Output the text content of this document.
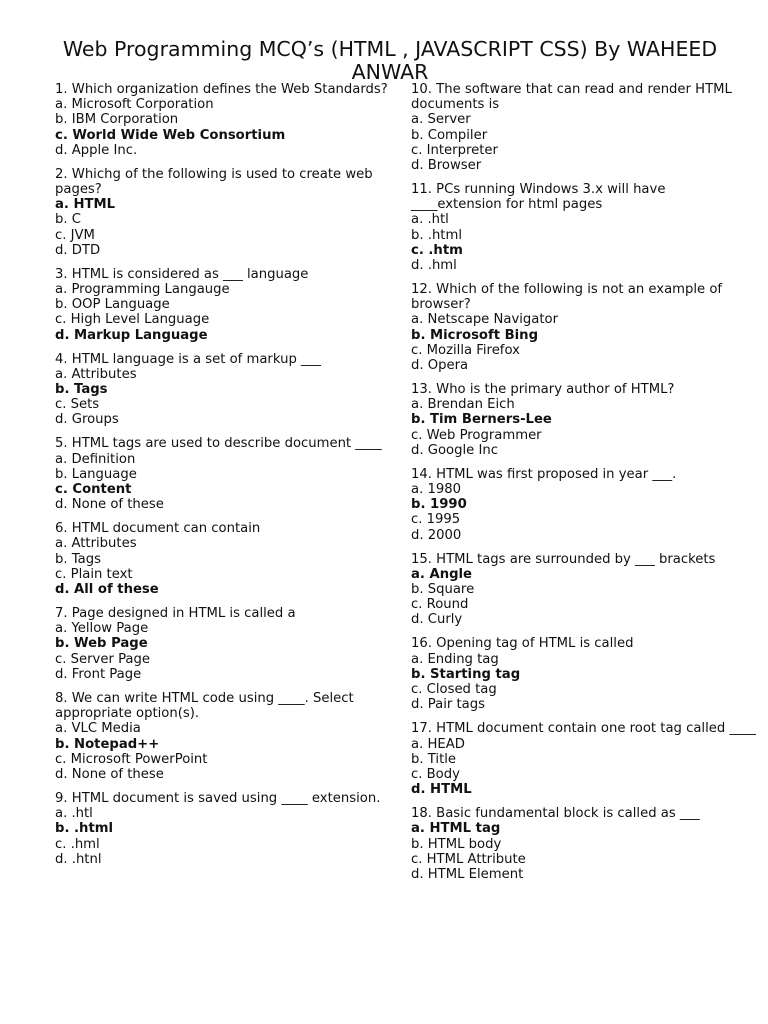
Web Programming MCQ’s (HTML , JAVASCRIPT CSS) By WAHEED ANWAR
1. Which organization defines the Web Standards?
a. Microsoft Corporation
b. IBM Corporation
c. World Wide Web Consortium
d. Apple Inc.
2. Whichg of the following is used to create web pages?
a. HTML
b. C
c. JVM
d. DTD
3. HTML is considered as ___ language
a. Programming Langauge
b. OOP Language
c. High Level Language
d. Markup Language
4. HTML language is a set of markup ___
a. Attributes
b. Tags
c. Sets
d. Groups
5. HTML tags are used to describe document ____
a. Definition
b. Language
c. Content
d. None of these
6. HTML document can contain
a. Attributes
b. Tags
c. Plain text
d. All of these
7. Page designed in HTML is called a
a. Yellow Page
b. Web Page
c. Server Page
d. Front Page
8. We can write HTML code using ____. Select appropriate option(s).
a. VLC Media
b. Notepad++
c. Microsoft PowerPoint
d. None of these
9. HTML document is saved using ____ extension.
a. .htl
b. .html
c. .hml
d. .htnl
10. The software that can read and render HTML documents is
a. Server
b. Compiler
c. Interpreter
d. Browser
11. PCs running Windows 3.x will have ____extension for html pages
a. .htl
b. .html
c. .htm
d. .hml
12. Which of the following is not an example of browser?
a. Netscape Navigator
b. Microsoft Bing
c. Mozilla Firefox
d. Opera
13. Who is the primary author of HTML?
a. Brendan Eich
b. Tim Berners-Lee
c. Web Programmer
d. Google Inc
14. HTML was first proposed in year ___.
a. 1980
b. 1990
c. 1995
d. 2000
15. HTML tags are surrounded by ___ brackets
a. Angle
b. Square
c. Round
d. Curly
16. Opening tag of HTML is called
a. Ending tag
b. Starting tag
c. Closed tag
d. Pair tags
17. HTML document contain one root tag called ____
a. HEAD
b. Title
c. Body
d. HTML
18. Basic fundamental block is called as ___
a. HTML tag
b. HTML body
c. HTML Attribute
d. HTML Element
